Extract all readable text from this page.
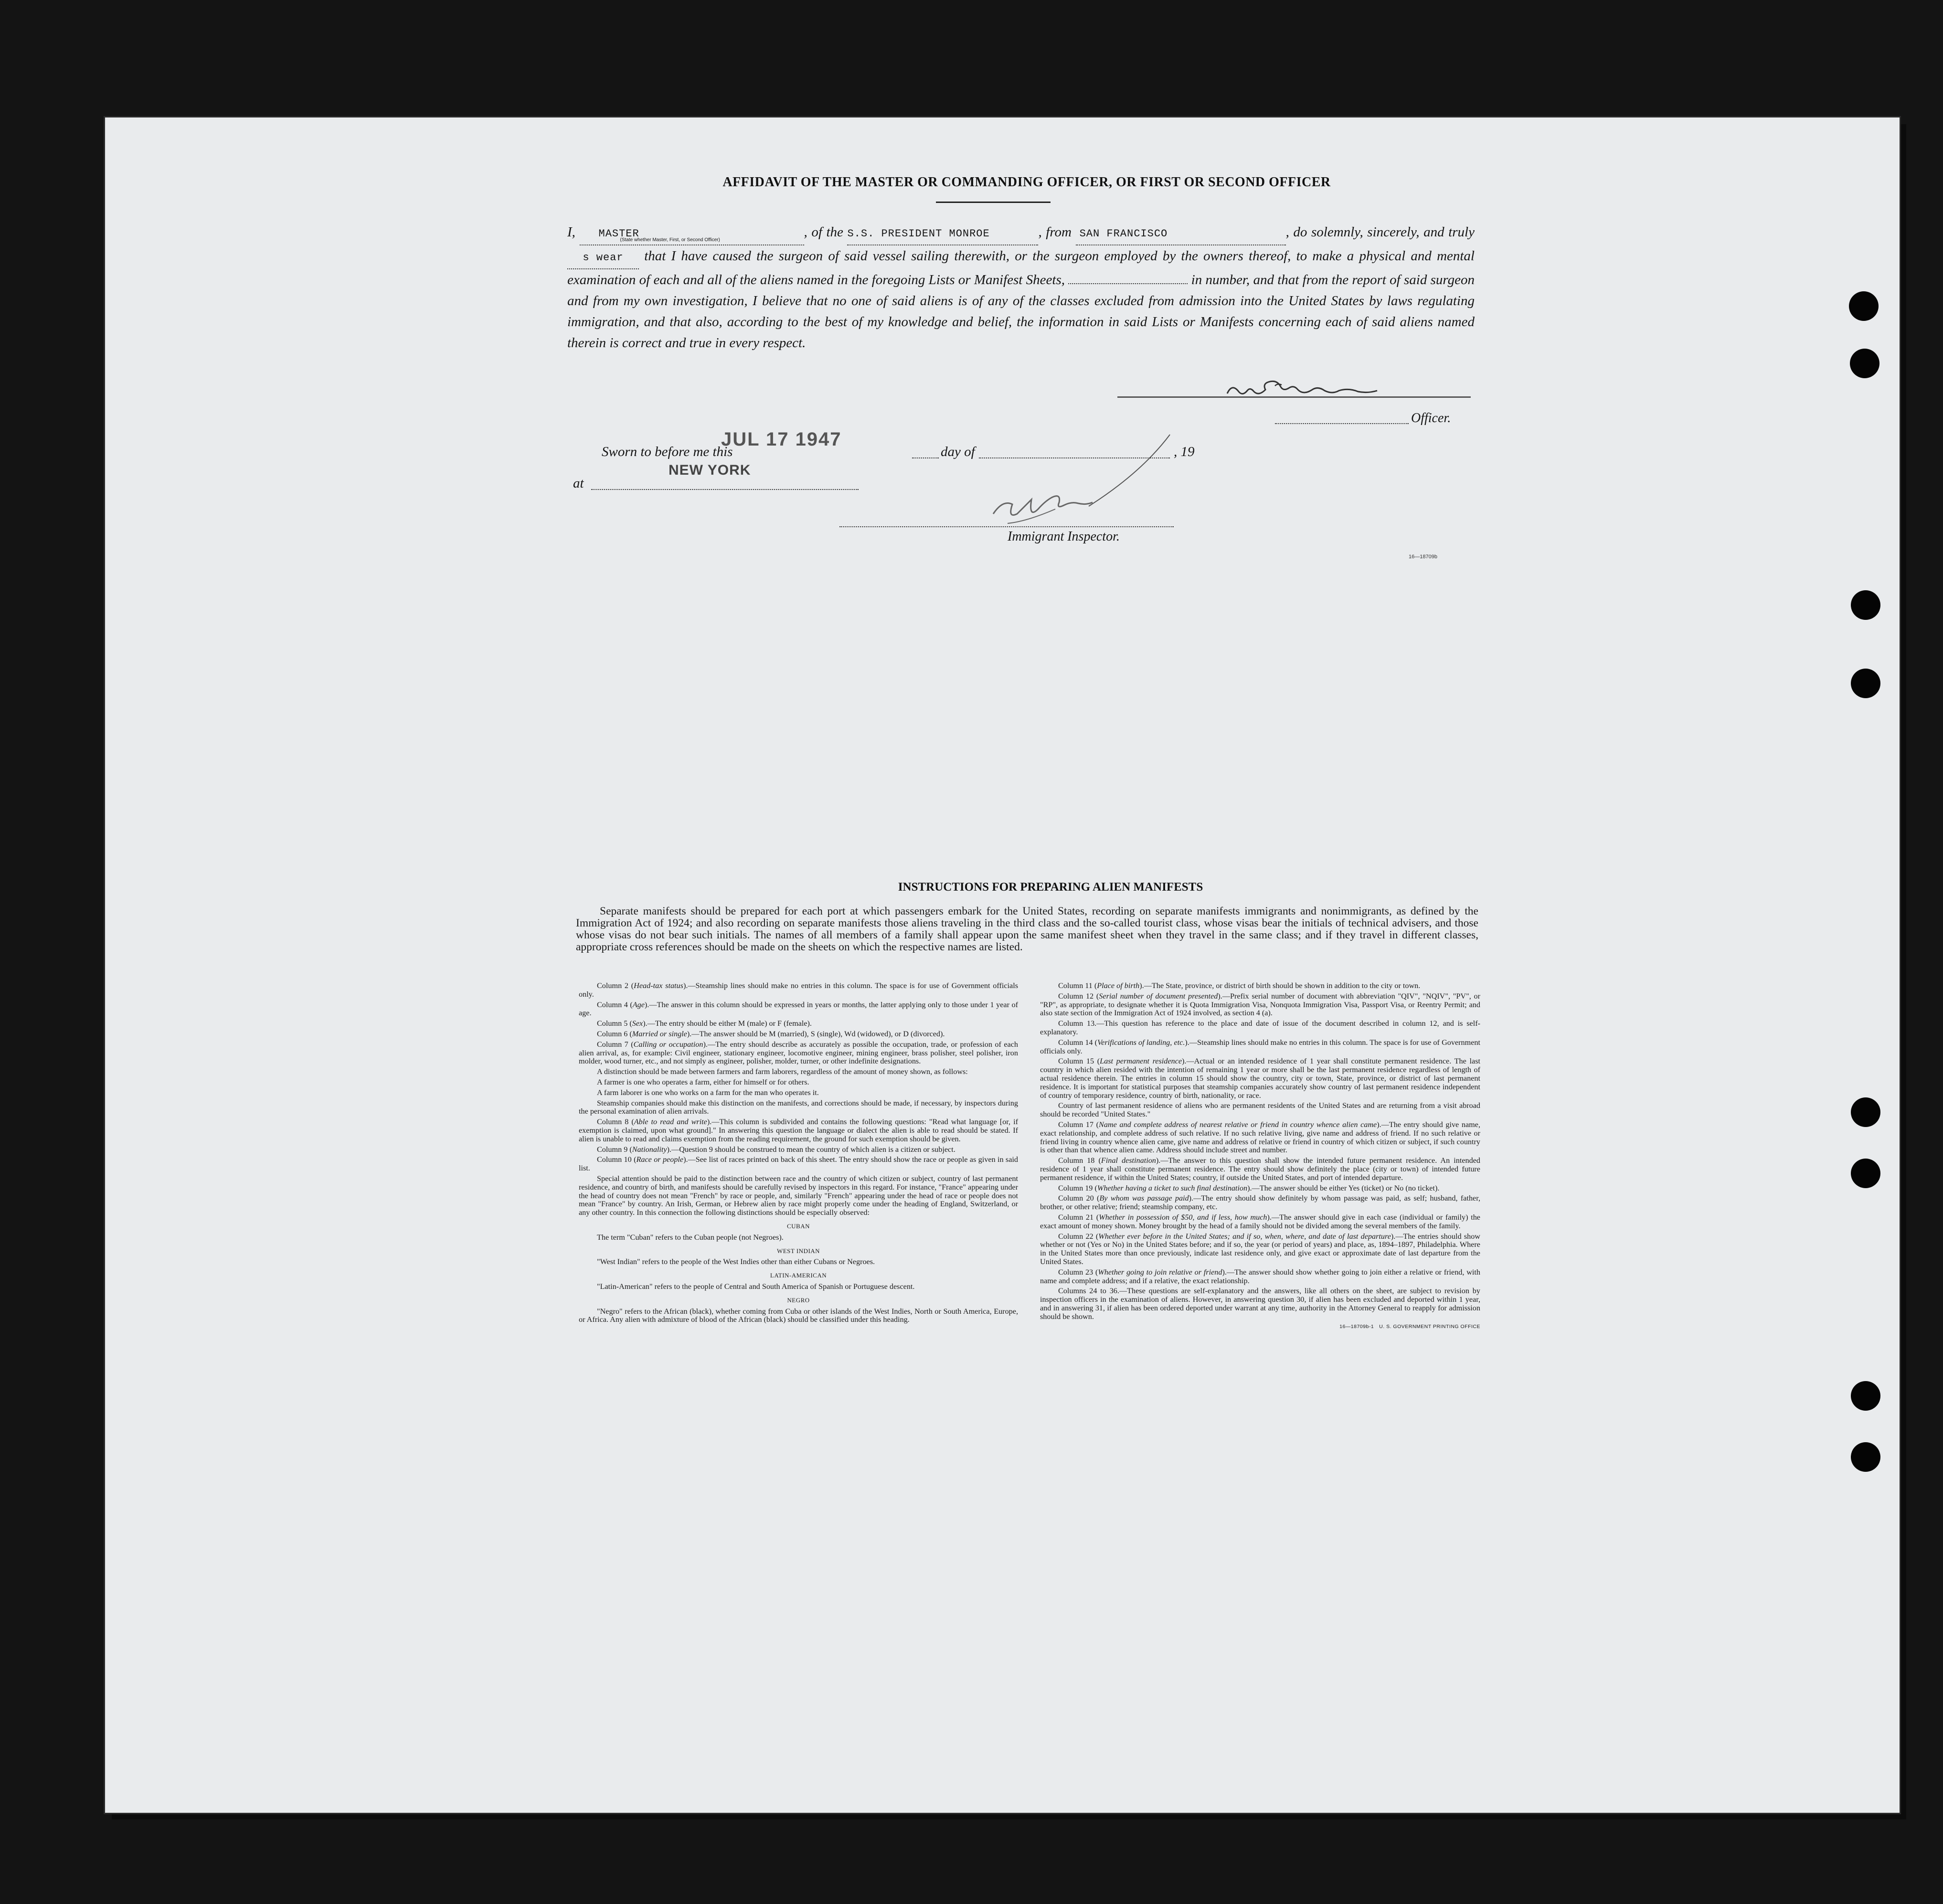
AFFIDAVIT OF THE MASTER OR COMMANDING OFFICER, OR FIRST OR SECOND OFFICER
I, MASTER
(State whether Master, First, or Second Officer)
, of the S.S. PRESIDENT MONROE	, from SAN FRANCISCO	, do solemnly, sincerely, and truly s wear that I have caused the surgeon of said vessel sailing therewith, or the surgeon employed by the owners thereof, to make a physical and mental examination of each and all of the aliens named in the foregoing Lists or Manifest Sheets,	in number, and that from the report of said surgeon and from my own investigation, I believe that no one of said aliens is of any of the classes excluded from admission into the United States by laws regulating immigration, and that also, according to the best of my knowledge and belief, the information in said Lists or Manifests concerning each of said aliens named therein is correct and true in every respect.
Officer.
Sworn to before me this
JUL 17 1947
day of	, 19
NEW YORK
at
Immigrant Inspector.
16—18709b
INSTRUCTIONS FOR PREPARING ALIEN MANIFESTS
Separate manifests should be prepared for each port at which passengers embark for the United States, recording on separate manifests immigrants and nonimmigrants, as defined by the Immigration Act of 1924; and also recording on separate manifests those aliens traveling in the third class and the so-called tourist class, whose visas bear the initials of technical advisers, and those whose visas do not bear such initials. The names of all members of a family shall appear upon the same manifest sheet when they travel in the same class; and if they travel in different classes, appropriate cross references should be made on the sheets on which the respective names are listed.

Column 2 (Head-tax status).—Steamship lines should make no entries in this column. The space is for use of Government officials only.

Column 4 (Age).—The answer in this column should be expressed in years or months, the latter applying only to those under 1 year of age.

Column 5 (Sex).—The entry should be either M (male) or F (female).

Column 6 (Married or single).—The answer should be M (married), S (single), Wd (widowed), or D (divorced).

Column 7 (Calling or occupation).—The entry should describe as accurately as possible the occupation, trade, or profession of each alien arrival, as, for example: Civil engineer, stationary engineer, locomotive engineer, mining engineer, brass polisher, steel polisher, iron molder, wood turner, etc., and not simply as engineer, polisher, molder, turner, or other indefinite designations.

A distinction should be made between farmers and farm laborers, regardless of the amount of money shown, as follows:

A farmer is one who operates a farm, either for himself or for others.

A farm laborer is one who works on a farm for the man who operates it.

Steamship companies should make this distinction on the manifests, and corrections should be made, if necessary, by inspectors during the personal examination of alien arrivals.

Column 8 (Able to read and write).—This column is subdivided and contains the following questions: "Read what language [or, if exemption is claimed, upon what ground]." In answering this question the language or dialect the alien is able to read should be stated. If alien is unable to read and claims exemption from the reading requirement, the ground for such exemption should be given.

Column 9 (Nationality).—Question 9 should be construed to mean the country of which alien is a citizen or subject.

Column 10 (Race or people).—See list of races printed on back of this sheet. The entry should show the race or people as given in said list.

Special attention should be paid to the distinction between race and the country of which citizen or subject, country of last permanent residence, and country of birth, and manifests should be carefully revised by inspectors in this regard. For instance, "France" appearing under the head of country does not mean "French" by race or people, and, similarly "French" appearing under the head of race or people does not mean "France" by country. An Irish, German, or Hebrew alien by race might properly come under the heading of England, Switzerland, or any other country. In this connection the following distinctions should be especially observed:

CUBAN

The term "Cuban" refers to the Cuban people (not Negroes).

WEST INDIAN

"West Indian" refers to the people of the West Indies other than either Cubans or Negroes.

LATIN-AMERICAN

"Latin-American" refers to the people of Central and South America of Spanish or Portuguese descent.

NEGRO

"Negro" refers to the African (black), whether coming from Cuba or other islands of the West Indies, North or South America, Europe, or Africa. Any alien with admixture of blood of the African (black) should be classified under this heading.

Column 11 (Place of birth).—The State, province, or district of birth should be shown in addition to the city or town.

Column 12 (Serial number of document presented).—Prefix serial number of document with abbreviation "QIV", "NQIV", "PV", or "RP", as appropriate, to designate whether it is Quota Immigration Visa, Nonquota Immigration Visa, Passport Visa, or Reentry Permit; and also state section of the Immigration Act of 1924 involved, as section 4 (a).

Column 13.—This question has reference to the place and date of issue of the document described in column 12, and is self-explanatory.

Column 14 (Verifications of landing, etc.).—Steamship lines should make no entries in this column. The space is for use of Government officials only.

Column 15 (Last permanent residence).—Actual or an intended residence of 1 year shall constitute permanent residence. The last country in which alien resided with the intention of remaining 1 year or more shall be the last permanent residence regardless of length of actual residence therein. The entries in column 15 should show the country, city or town, State, province, or district of last permanent residence. It is important for statistical purposes that steamship companies accurately show country of last permanent residence independent of country of temporary residence, country of birth, nationality, or race.

Country of last permanent residence of aliens who are permanent residents of the United States and are returning from a visit abroad should be recorded "United States."

Column 17 (Name and complete address of nearest relative or friend in country whence alien came).—The entry should give name, exact relationship, and complete address of such relative. If no such relative living, give name and address of friend. If no such relative or friend living in country whence alien came, give name and address of relative or friend in country of which citizen or subject, if such country is other than that whence alien came. Address should include street and number.

Column 18 (Final destination).—The answer to this question shall show the intended future permanent residence. An intended residence of 1 year shall constitute permanent residence. The entry should show definitely the place (city or town) of intended future permanent residence, if within the United States; country, if outside the United States, and port of intended departure.

Column 19 (Whether having a ticket to such final destination).—The answer should be either Yes (ticket) or No (no ticket).

Column 20 (By whom was passage paid).—The entry should show definitely by whom passage was paid, as self; husband, father, brother, or other relative; friend; steamship company, etc.

Column 21 (Whether in possession of $50, and if less, how much).—The answer should give in each case (individual or family) the exact amount of money shown. Money brought by the head of a family should not be divided among the several members of the family.

Column 22 (Whether ever before in the United States; and if so, when, where, and date of last departure).—The entries should show whether or not (Yes or No) in the United States before; and if so, the year (or period of years) and place, as, 1894–1897, Philadelphia. Where in the United States more than once previously, indicate last residence only, and give exact or approximate date of last departure from the United States.

Column 23 (Whether going to join relative or friend).—The answer should show whether going to join either a relative or friend, with name and complete address; and if a relative, the exact relationship.

Columns 24 to 36.—These questions are self-explanatory and the answers, like all others on the sheet, are subject to revision by inspection officers in the examination of aliens. However, in answering question 30, if alien has been excluded and deported within 1 year, and in answering 31, if alien has been ordered deported under warrant at any time, authority in the Attorney General to reapply for admission should be shown.

16—18709b-1 U. S. GOVERNMENT PRINTING OFFICE
